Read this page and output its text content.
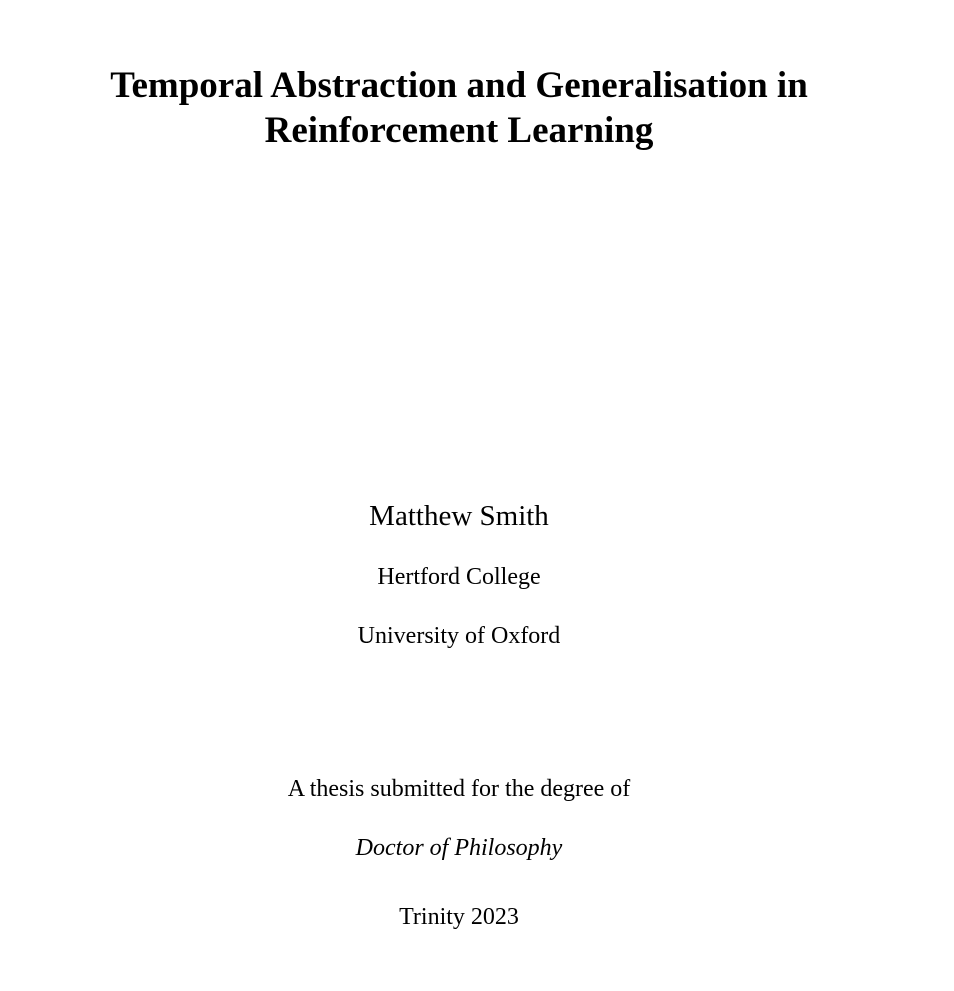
Temporal Abstraction and Generalisation in
Reinforcement Learning
Matthew Smith
Hertford College
University of Oxford
A thesis submitted for the degree of
Doctor of Philosophy
Trinity 2023
